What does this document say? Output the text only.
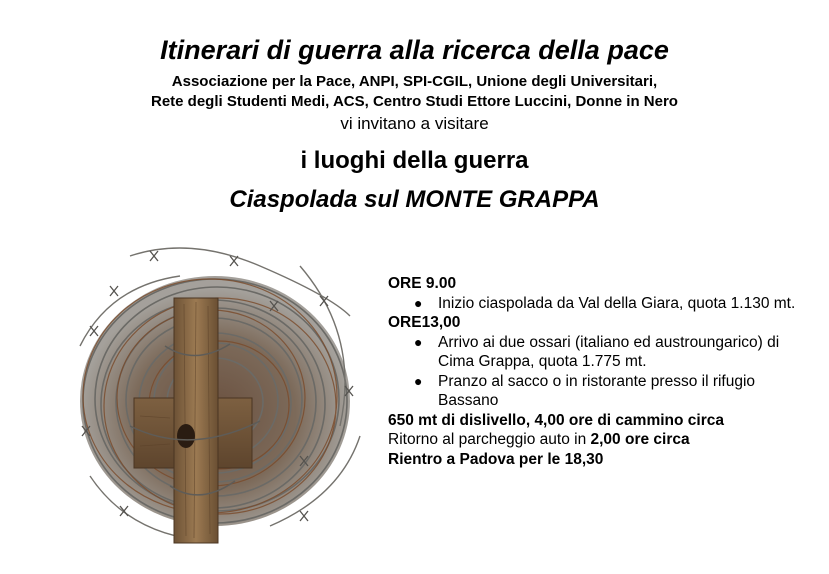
Itinerari di guerra alla ricerca della pace
Associazione per la Pace, ANPI, SPI-CGIL, Unione degli Universitari,
Rete degli Studenti Medi, ACS, Centro Studi Ettore Luccini, Donne in Nero
vi invitano a visitare
i luoghi della guerra
Ciaspolada sul MONTE GRAPPA
ORE 9.00
● Inizio ciaspolada da Val della Giara, quota 1.130 mt.
ORE13,00
● Arrivo ai due ossari (italiano ed austroungarico) di Cima Grappa, quota 1.775 mt.
● Pranzo al sacco o in ristorante presso il rifugio Bassano
650 mt di dislivello, 4,00 ore di cammino circa
Ritorno al parcheggio auto in 2,00 ore circa
Rientro a Padova per le 18,30
